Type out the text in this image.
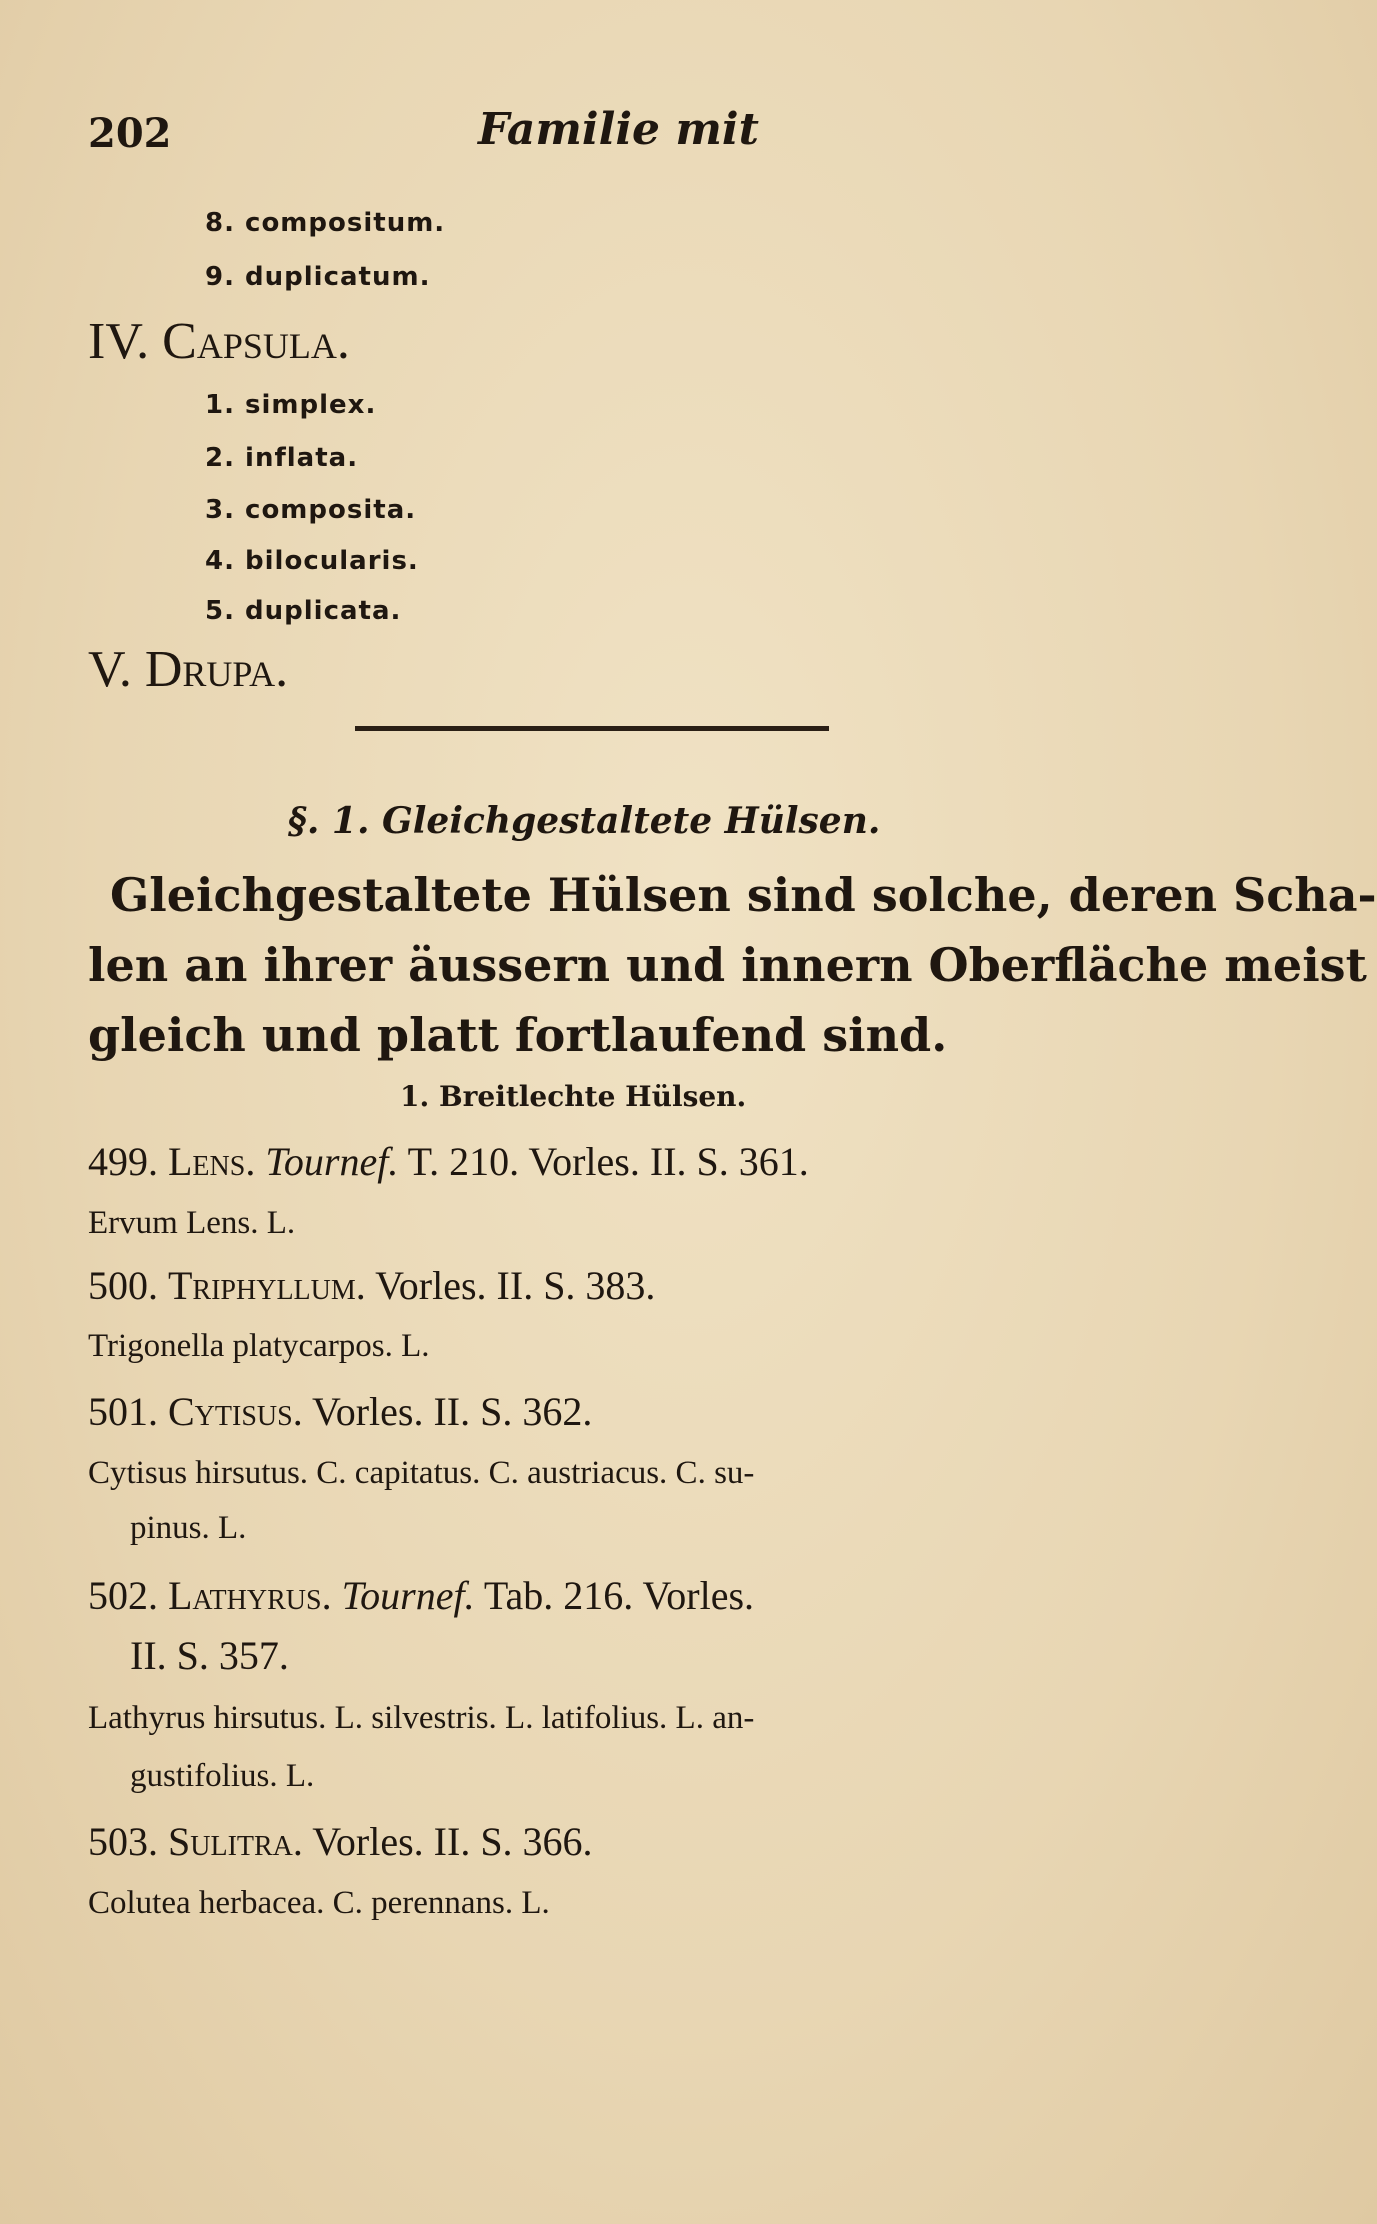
202	Familie mit
8. compositum.
9. duplicatum.
IV. Capsula.
1. simplex.
2. inflata.
3. composita.
4. bilocularis.
5. duplicata.
V. Drupa.
§. 1. Gleichgestaltete Hülsen.
Gleichgestaltete Hülsen sind solche, deren Scha-
len an ihrer äussern und innern Oberfläche meist
gleich und platt fortlaufend sind.
1. Breitlechte Hülsen.
499. Lens. Tournef. T. 210. Vorles. II. S. 361.
Ervum Lens. L.
500. Triphyllum. Vorles. II. S. 383.
Trigonella platycarpos. L.
501. Cytisus. Vorles. II. S. 362.
Cytisus hirsutus. C. capitatus. C. austriacus. C. su-
pinus. L.
502. Lathyrus. Tournef. Tab. 216. Vorles.
II. S. 357.
Lathyrus hirsutus. L. silvestris. L. latifolius. L. an-
gustifolius. L.
503. Sulitra. Vorles. II. S. 366.
Colutea herbacea. C. perennans. L.
